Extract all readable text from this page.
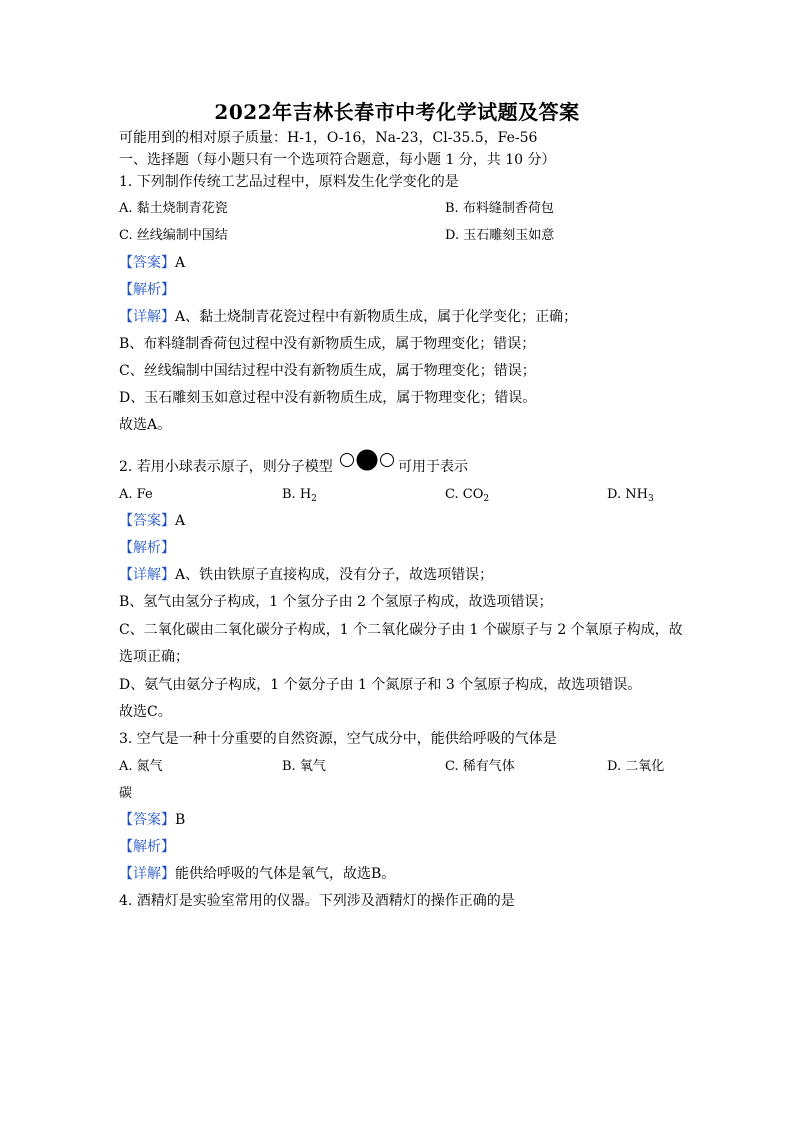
2022年吉林长春市中考化学试题及答案
可能用到的相对原子质量：H-1，O-16，Na-23，Cl-35.5，Fe-56
一、选择题（每小题只有一个选项符合题意，每小题 1 分，共 10 分）
1. 下列制作传统工艺品过程中，原料发生化学变化的是
A. 黏土烧制青花瓷	B. 布料缝制香荷包
C. 丝线编制中国结	D. 玉石雕刻玉如意
【答案】A
【解析】
【详解】A、黏土烧制青花瓷过程中有新物质生成，属于化学变化；正确；
B、布料缝制香荷包过程中没有新物质生成，属于物理变化；错误；
C、丝线编制中国结过程中没有新物质生成，属于物理变化；错误；
D、玉石雕刻玉如意过程中没有新物质生成，属于物理变化；错误。
故选A。
2. 若用小球表示原子，则分子模型	可用于表示
A. Fe	B. $H_2$	C. $CO_2$	D. $NH_3$
【答案】A
【解析】
【详解】A、铁由铁原子直接构成，没有分子，故选项错误；
B、氢气由氢分子构成，1 个氢分子由 2 个氢原子构成，故选项错误；
C、二氧化碳由二氧化碳分子构成，1 个二氧化碳分子由 1 个碳原子与 2 个氧原子构成，故
选项正确；
D、氨气由氨分子构成，1 个氨分子由 1 个氮原子和 3 个氢原子构成，故选项错误。
故选C。
3. 空气是一种十分重要的自然资源，空气成分中，能供给呼吸的气体是
A. 氮气	B. 氧气	C. 稀有气体	D. 二氧化
碳
【答案】B
【解析】
【详解】能供给呼吸的气体是氧气，故选B。
4. 酒精灯是实验室常用的仪器。下列涉及酒精灯的操作正确的是
